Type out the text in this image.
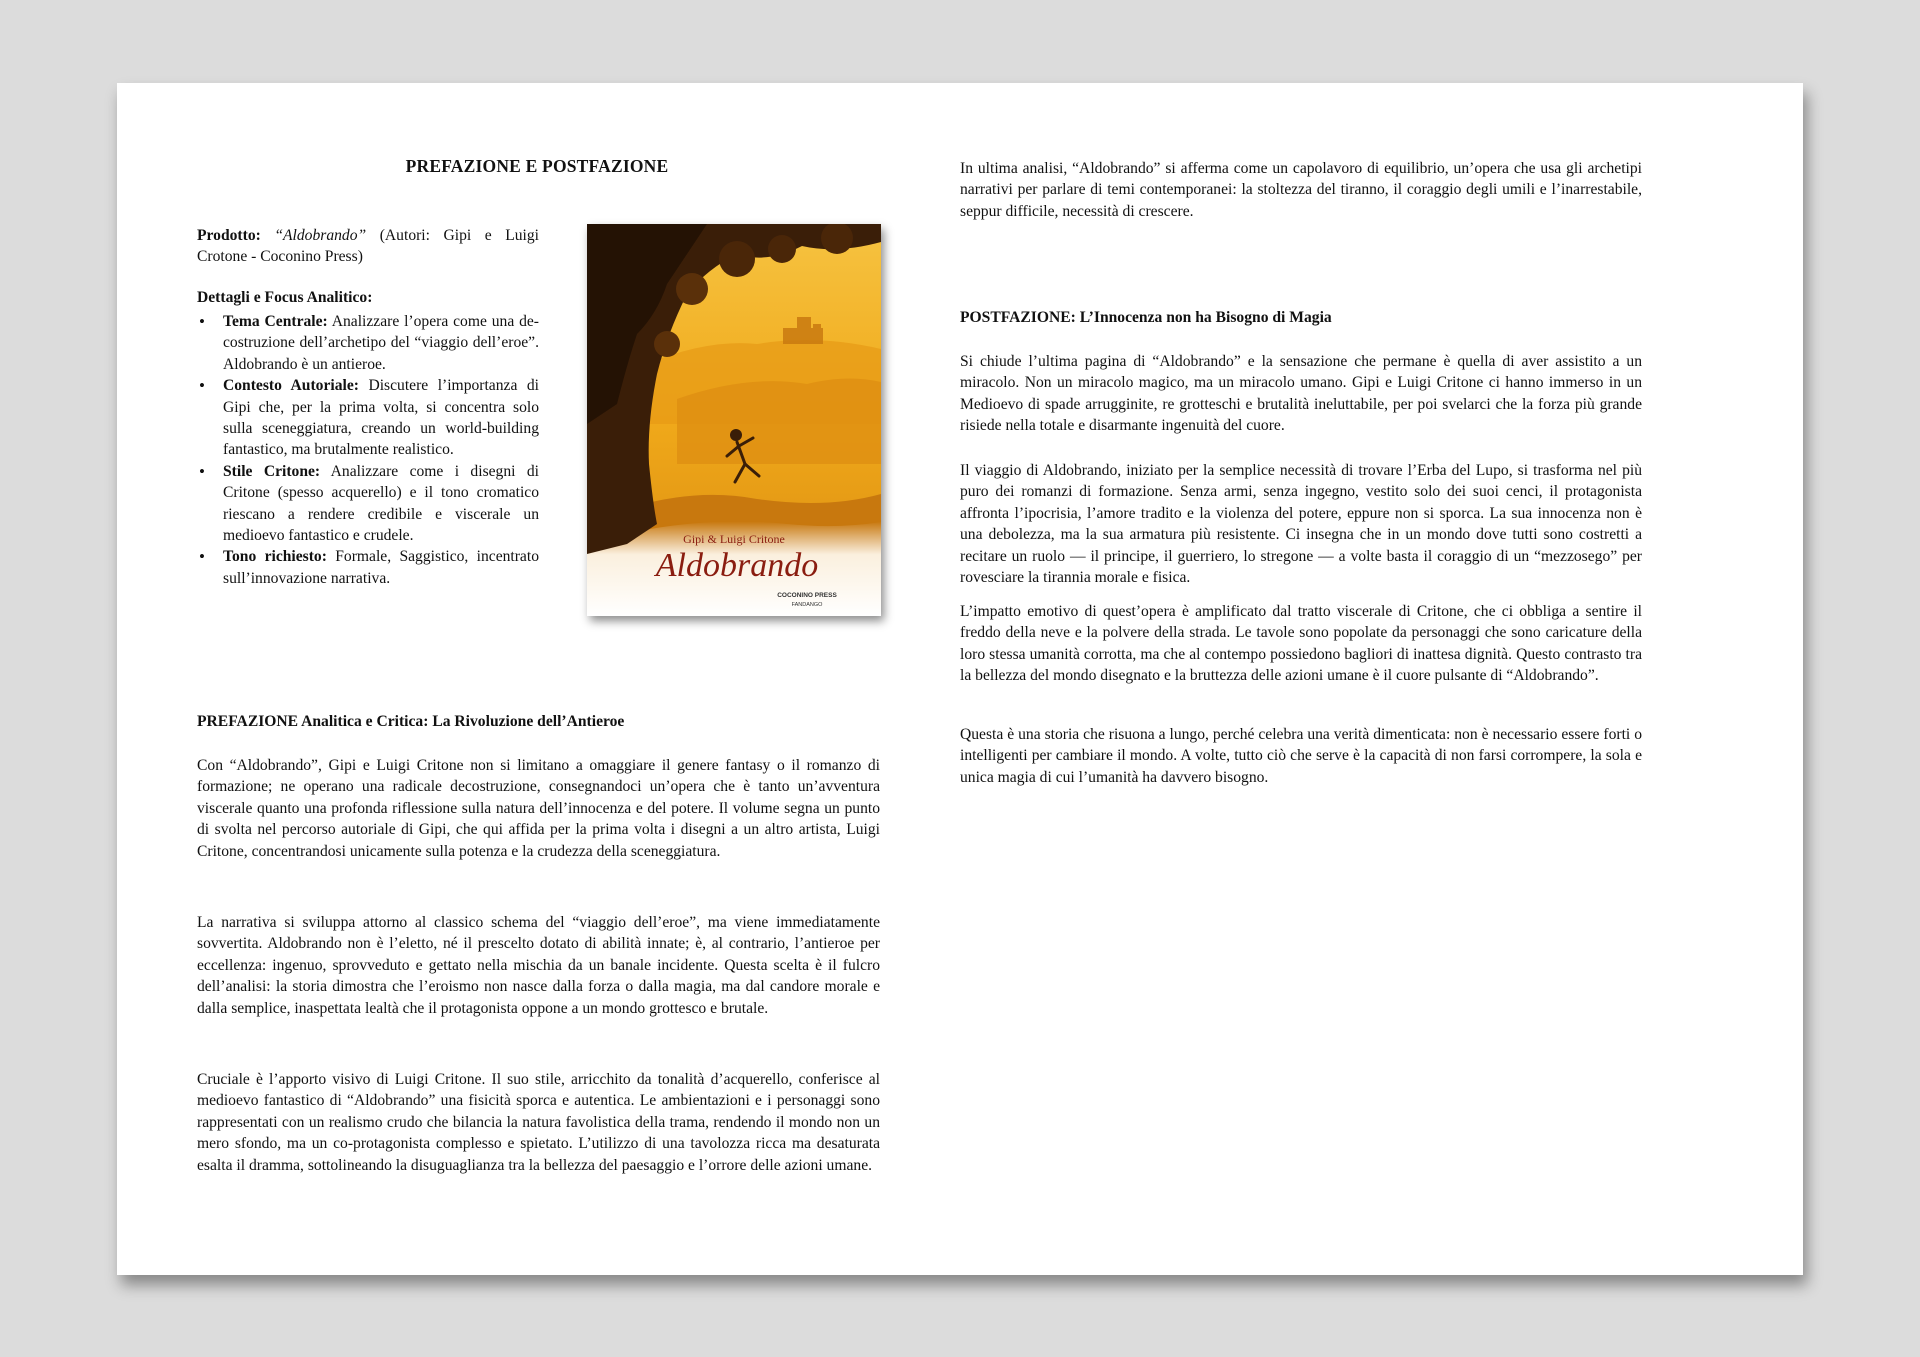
PREFAZIONE E POSTFAZIONE

Prodotto: “Aldobrando” (Autori: Gipi e Luigi Crotone - Coconino Press)

Dettagli e Focus Analitico:
• Tema Centrale: Analizzare l’opera come una de-costruzione dell’archetipo del “viaggio dell’eroe”. Aldobrando è un antieroe.
• Contesto Autoriale: Discutere l’importanza di Gipi che, per la prima volta, si concentra solo sulla sceneggiatura, creando un world-building fantastico, ma brutalmente realistico.
• Stile Critone: Analizzare come i disegni di Critone (spesso acquerello) e il tono cromatico riescano a rendere credibile e viscerale un medioevo fantastico e crudele.
• Tono richiesto: Formale, Saggistico, incentrato sull’innovazione narrativa.
Gipi & Luigi Critone
Aldobrando
COCONINO PRESS
FANDANGO
PREFAZIONE Analitica e Critica: La Rivoluzione dell’Antieroe

Con “Aldobrando”, Gipi e Luigi Critone non si limitano a omaggiare il genere fantasy o il romanzo di formazione; ne operano una radicale decostruzione, consegnandoci un’opera che è tanto un’avventura viscerale quanto una profonda riflessione sulla natura dell’innocenza e del potere. Il volume segna un punto di svolta nel percorso autoriale di Gipi, che qui affida per la prima volta i disegni a un altro artista, Luigi Critone, concentrandosi unicamente sulla potenza e la crudezza della sceneggiatura.

La narrativa si sviluppa attorno al classico schema del “viaggio dell’eroe”, ma viene immediatamente sovvertita. Aldobrando non è l’eletto, né il prescelto dotato di abilità innate; è, al contrario, l’antieroe per eccellenza: ingenuo, sprovveduto e gettato nella mischia da un banale incidente. Questa scelta è il fulcro dell’analisi: la storia dimostra che l’eroismo non nasce dalla forza o dalla magia, ma dal candore morale e dalla semplice, inaspettata lealtà che il protagonista oppone a un mondo grottesco e brutale.

Cruciale è l’apporto visivo di Luigi Critone. Il suo stile, arricchito da tonalità d’acquerello, conferisce al medioevo fantastico di “Aldobrando” una fisicità sporca e autentica. Le ambientazioni e i personaggi sono rappresentati con un realismo crudo che bilancia la natura favolistica della trama, rendendo il mondo non un mero sfondo, ma un co-protagonista complesso e spietato. L’utilizzo di una tavolozza ricca ma desaturata esalta il dramma, sottolineando la disuguaglianza tra la bellezza del paesaggio e l’orrore delle azioni umane.

In ultima analisi, “Aldobrando” si afferma come un capolavoro di equilibrio, un’opera che usa gli archetipi narrativi per parlare di temi contemporanei: la stoltezza del tiranno, il coraggio degli umili e l’inarrestabile, seppur difficile, necessità di crescere.

POSTFAZIONE: L’Innocenza non ha Bisogno di Magia

Si chiude l’ultima pagina di “Aldobrando” e la sensazione che permane è quella di aver assistito a un miracolo. Non un miracolo magico, ma un miracolo umano. Gipi e Luigi Critone ci hanno immerso in un Medioevo di spade arrugginite, re grotteschi e brutalità ineluttabile, per poi svelarci che la forza più grande risiede nella totale e disarmante ingenuità del cuore.

Il viaggio di Aldobrando, iniziato per la semplice necessità di trovare l’Erba del Lupo, si trasforma nel più puro dei romanzi di formazione. Senza armi, senza ingegno, vestito solo dei suoi cenci, il protagonista affronta l’ipocrisia, l’amore tradito e la violenza del potere, eppure non si sporca. La sua innocenza non è una debolezza, ma la sua armatura più resistente. Ci insegna che in un mondo dove tutti sono costretti a recitare un ruolo — il principe, il guerriero, lo stregone — a volte basta il coraggio di un “mezzosego” per rovesciare la tirannia morale e fisica.

L’impatto emotivo di quest’opera è amplificato dal tratto viscerale di Critone, che ci obbliga a sentire il freddo della neve e la polvere della strada. Le tavole sono popolate da personaggi che sono caricature della loro stessa umanità corrotta, ma che al contempo possiedono bagliori di inattesa dignità. Questo contrasto tra la bellezza del mondo disegnato e la bruttezza delle azioni umane è il cuore pulsante di “Aldobrando”.

Questa è una storia che risuona a lungo, perché celebra una verità dimenticata: non è necessario essere forti o intelligenti per cambiare il mondo. A volte, tutto ciò che serve è la capacità di non farsi corrompere, la sola e unica magia di cui l’umanità ha davvero bisogno.
